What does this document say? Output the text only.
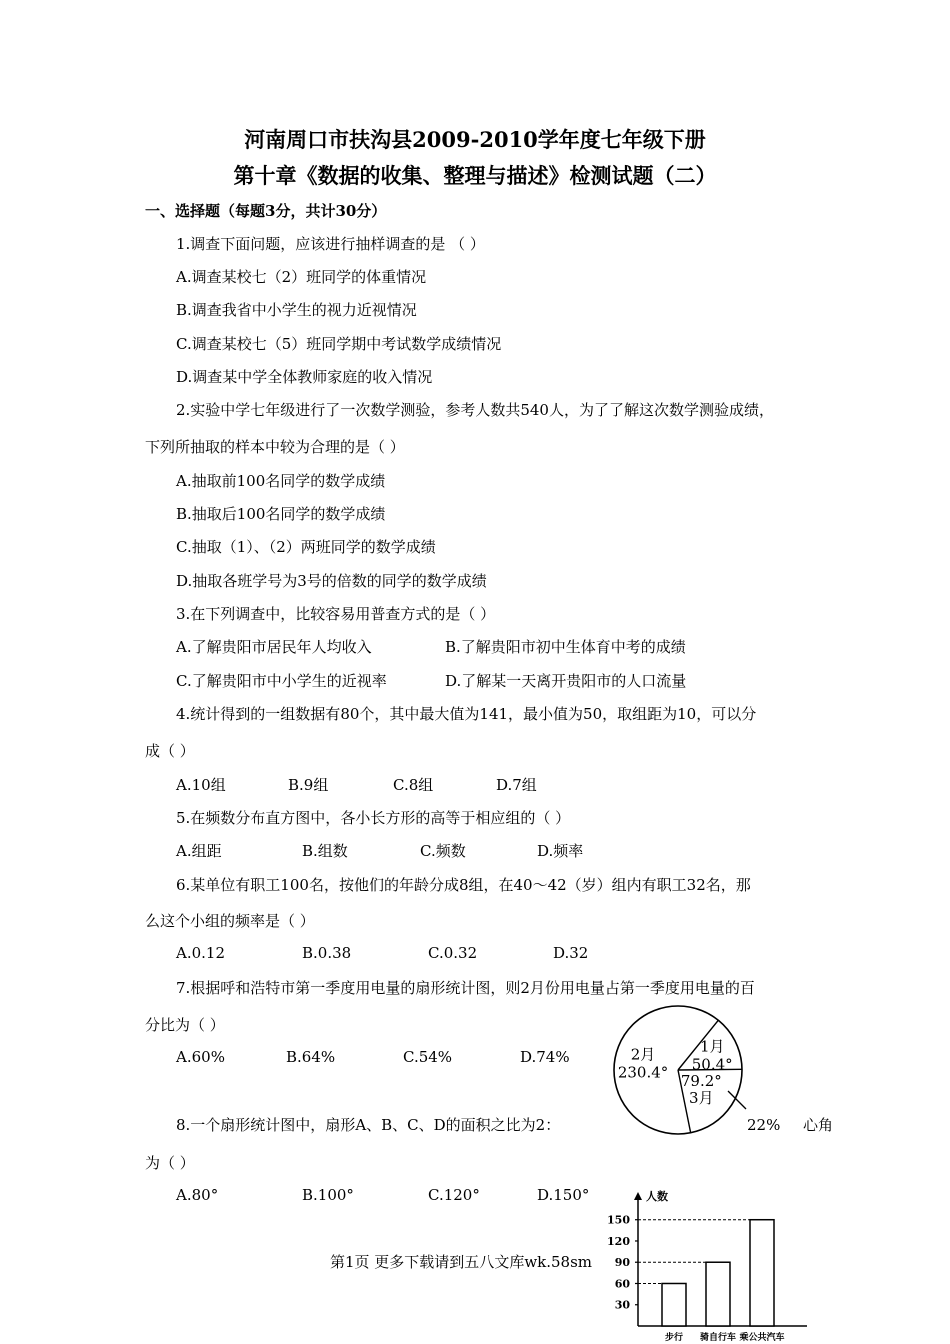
河南周口市扶沟县2009-2010学年度七年级下册
第十章《数据的收集、整理与描述》检测试题（二）
一、选择题（每题3分，共计30分）
1.调查下面问题，应该进行抽样调查的是 （ ）
A.调查某校七（2）班同学的体重情况
B.调查我省中小学生的视力近视情况
C.调查某校七（5）班同学期中考试数学成绩情况
D.调查某中学全体教师家庭的收入情况
2.实验中学七年级进行了一次数学测验，参考人数共540人，为了了解这次数学测验成绩，
下列所抽取的样本中较为合理的是（ ）
A.抽取前100名同学的数学成绩
B.抽取后100名同学的数学成绩
C.抽取（1）、（2）两班同学的数学成绩
D.抽取各班学号为3号的倍数的同学的数学成绩
3.在下列调查中，比较容易用普查方式的是（ ）
A.了解贵阳市居民年人均收入	B.了解贵阳市初中生体育中考的成绩
C.了解贵阳市中小学生的近视率	D.了解某一天离开贵阳市的人口流量
4.统计得到的一组数据有80个，其中最大值为141，最小值为50，取组距为10，可以分
成（ ）
A.10组	B.9组	C.8组	D.7组
5.在频数分布直方图中，各小长方形的高等于相应组的（ ）
A.组距	B.组数	C.频数	D.频率
6.某单位有职工100名，按他们的年龄分成8组，在40～42（岁）组内有职工32名，那
么这个小组的频率是（ ）
A.0.12	B.0.38	C.0.32	D.32
7.根据呼和浩特市第一季度用电量的扇形统计图，则2月份用电量占第一季度用电量的百
分比为（ ）
A.60%	B.64%	C.54%	D.74%
8.一个扇形统计图中，扇形A、B、C、D的面积之比为2：	心角
为（ ）
A.80°	B.100°	C.120°	D.150°
1月
50.4°
3月
79.2°
2月
230.4°
22%
人数
30
60
90
120
150
步行 骑自行车 乘公共汽车
第1页 更多下载请到五八文库wk.58sm
